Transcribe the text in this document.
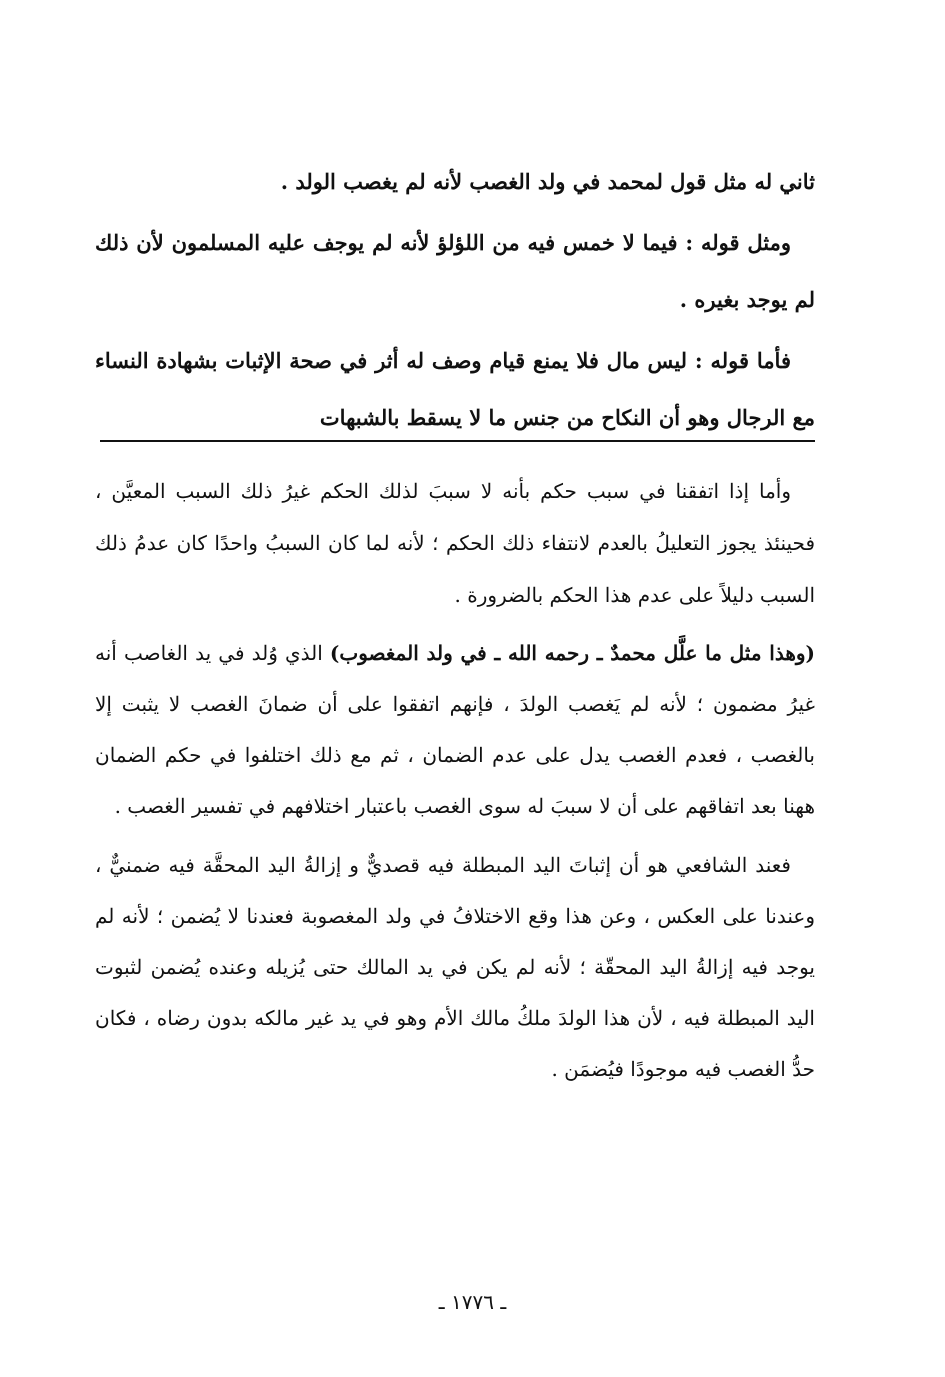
ثاني له مثل قول لمحمد في ولد الغصب لأنه لم يغصب الولد .

ومثل قوله : فيما لا خمس فيه من اللؤلؤ لأنه لم يوجف عليه المسلمون لأن ذلك لم يوجد بغيره .

فأما قوله : ليس مال فلا يمنع قيام وصف له أثر في صحة الإثبات بشهادة النساء مع الرجال وهو أن النكاح من جنس ما لا يسقط بالشبهات

وأما إذا اتفقنا في سبب حكم بأنه لا سببَ لذلك الحكم غيرُ ذلك السبب المعيَّن ، فحينئذ يجوز التعليلُ بالعدم لانتفاء ذلك الحكم ؛ لأنه لما كان السببُ واحدًا كان عدمُ ذلك السبب دليلاً على عدم هذا الحكم بالضرورة .

(وهذا مثل ما علَّل محمدٌ ـ رحمه الله ـ في ولد المغصوب) الذي وُلد في يد الغاصب أنه غيرُ مضمون ؛ لأنه لم يَغصب الولدَ ، فإنهم اتفقوا على أن ضمانَ الغصب لا يثبت إلا بالغصب ، فعدم الغصب يدل على عدم الضمان ، ثم مع ذلك اختلفوا في حكم الضمان ههنا بعد اتفاقهم على أن لا سببَ له سوى الغصب باعتبار اختلافهم في تفسير الغصب .

فعند الشافعي هو أن إثباتَ اليد المبطلة فيه قصديٌّ و إزالةُ اليد المحقَّة فيه ضمنيٌّ ، وعندنا على العكس ، وعن هذا وقع الاختلافُ في ولد المغصوبة فعندنا لا يُضمن ؛ لأنه لم يوجد فيه إزالةُ اليد المحقّة ؛ لأنه لم يكن في يد المالك حتى يُزيله وعنده يُضمن لثبوت اليد المبطلة فيه ، لأن هذا الولدَ ملكُ مالك الأم وهو في يد غير مالكه بدون رضاه ، فكان حدُّ الغصب فيه موجودًا فيُضمَن .

ـ ١٧٧٦ ـ
